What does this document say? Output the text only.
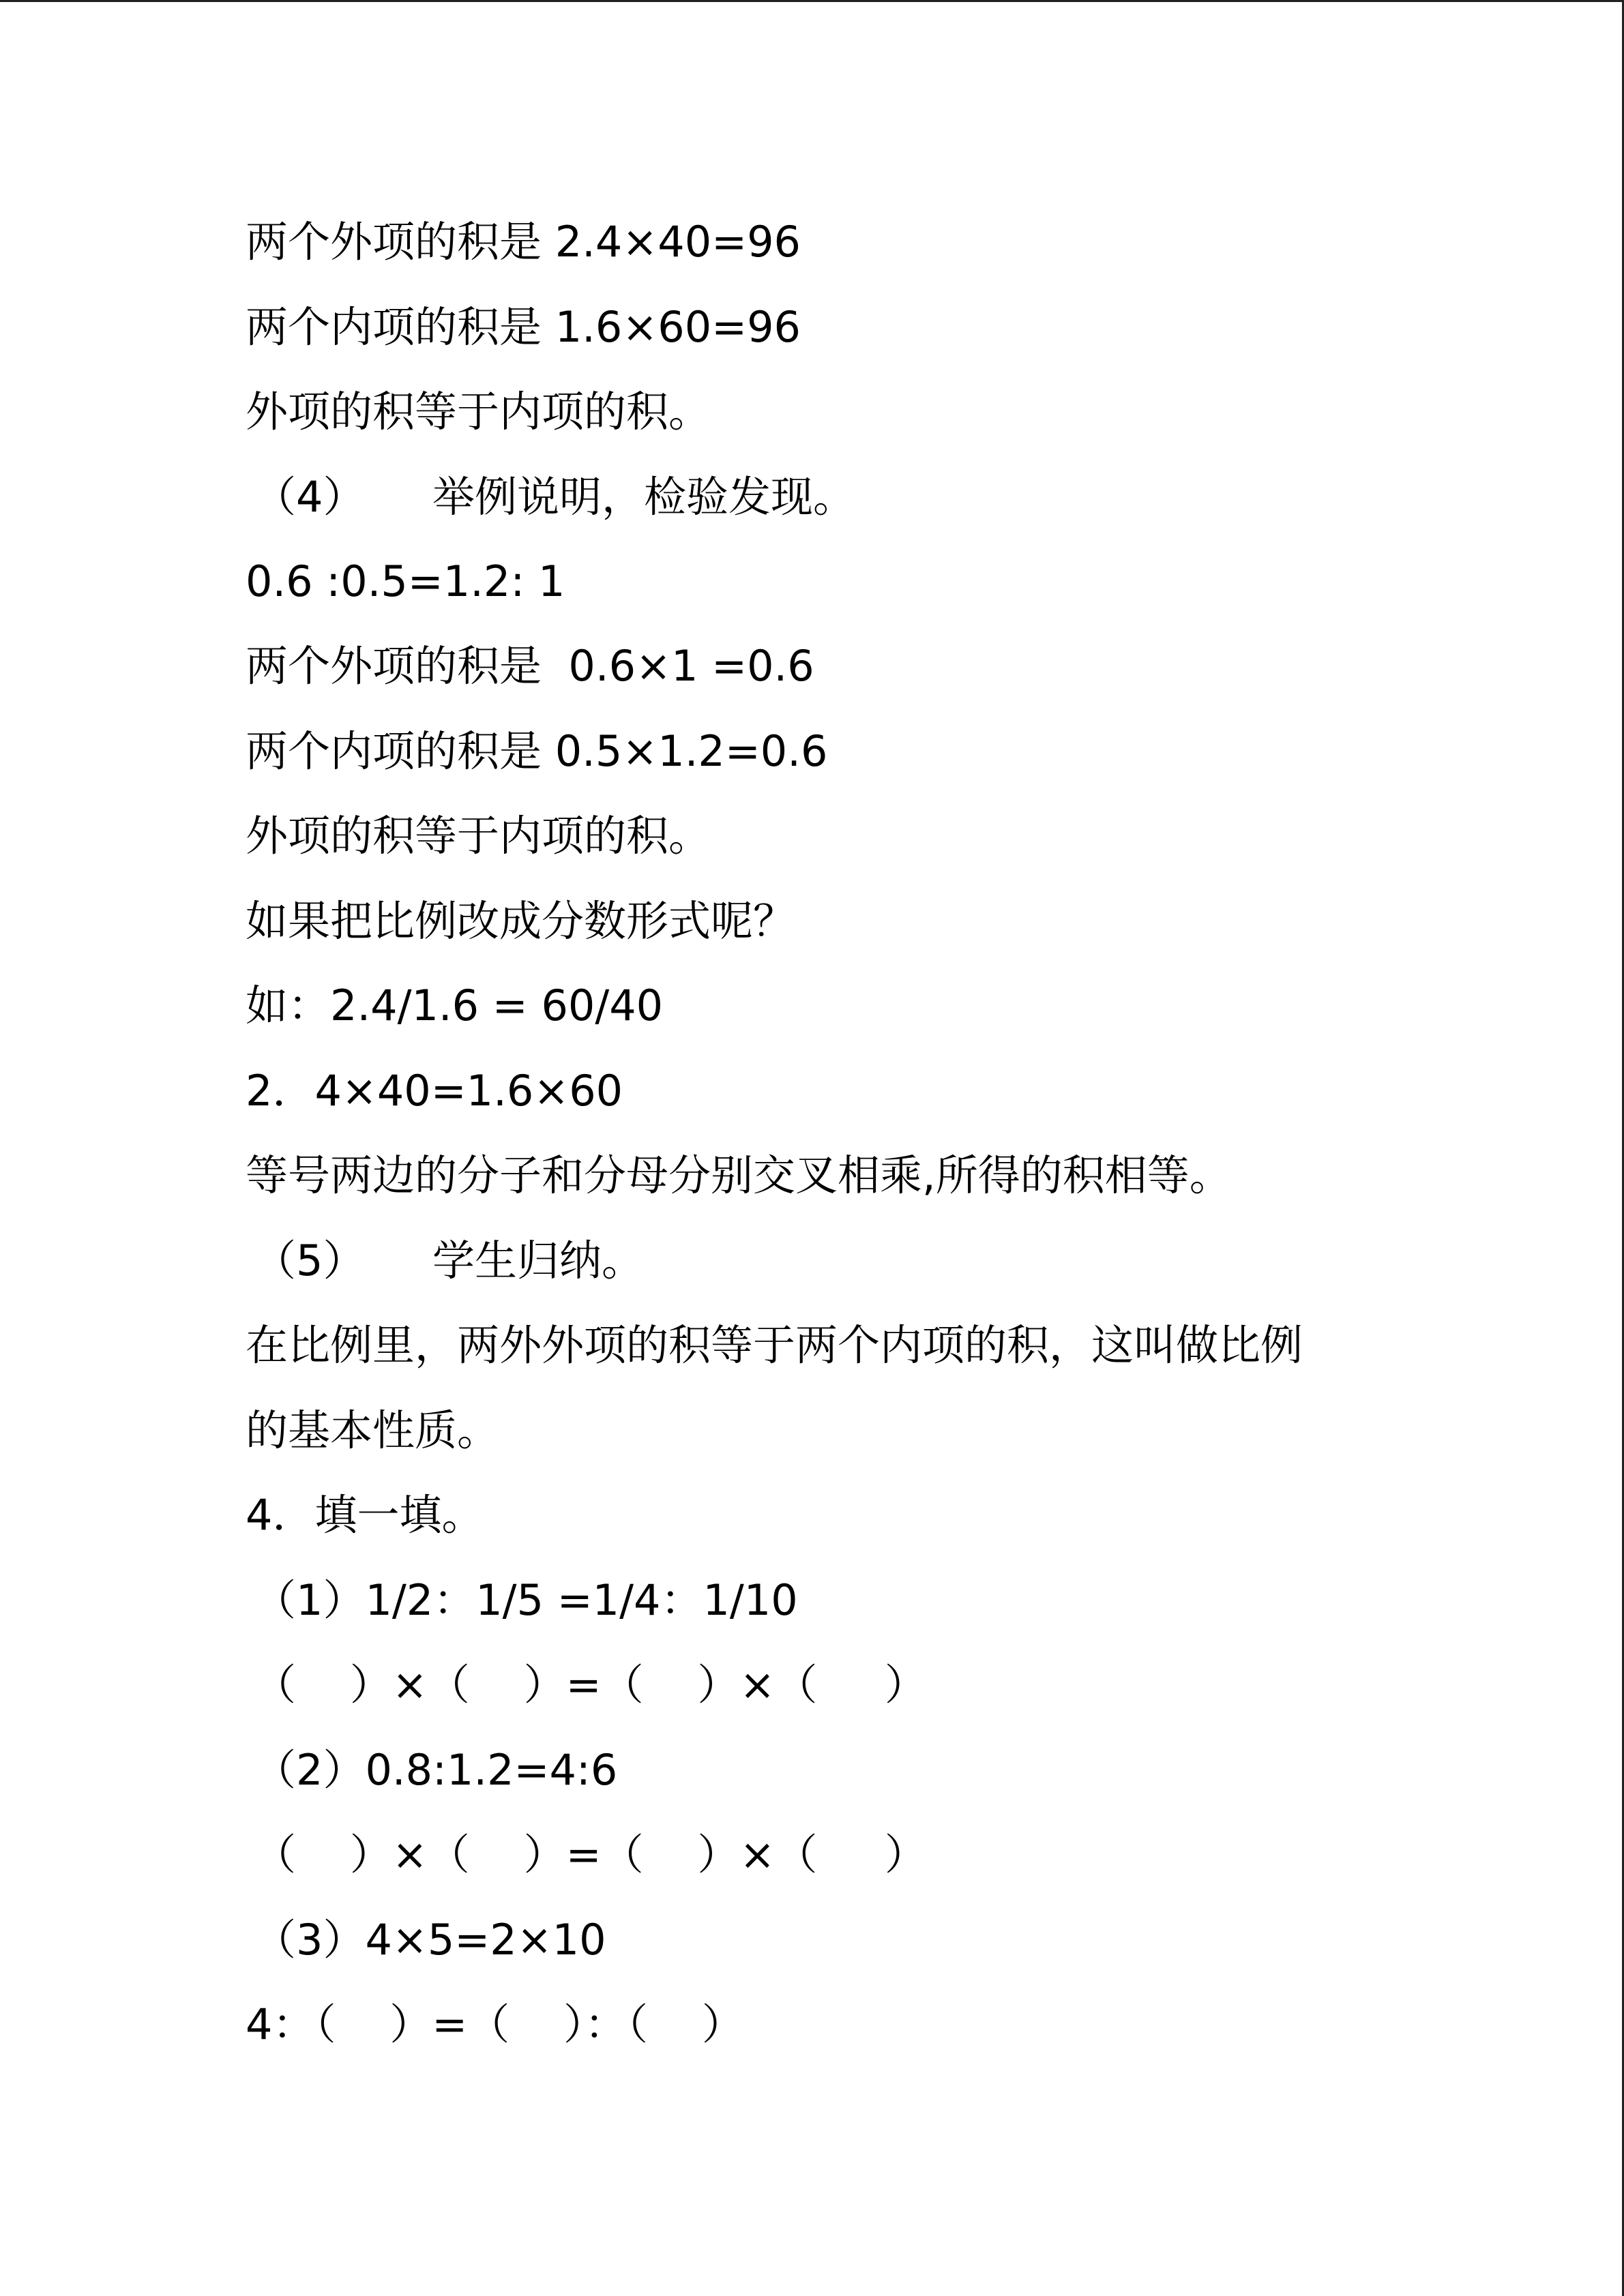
两个外项的积是 2.4×40=96
两个内项的积是 1.6×60=96
外项的积等于内项的积。
（4）     举例说明，检验发现。
0.6 :0.5=1.2: 1
两个外项的积是  0.6×1 =0.6
两个内项的积是 0.5×1.2=0.6
外项的积等于内项的积。
如果把比例改成分数形式呢？
如：2.4/1.6 = 60/40
2．4×40=1.6×60
等号两边的分子和分母分别交叉相乘,所得的积相等。
（5）     学生归纳。
在比例里，两外外项的积等于两个内项的积，这叫做比例
的基本性质。
4．填一填。
（1）1/2：1/5 =1/4：1/10
（    ）×（    ）=（    ）×（     ）
（2）0.8:1.2=4:6
（    ）×（    ）=（    ）×（     ）
（3）4×5=2×10
4：（    ）=（    ）：（    ）
